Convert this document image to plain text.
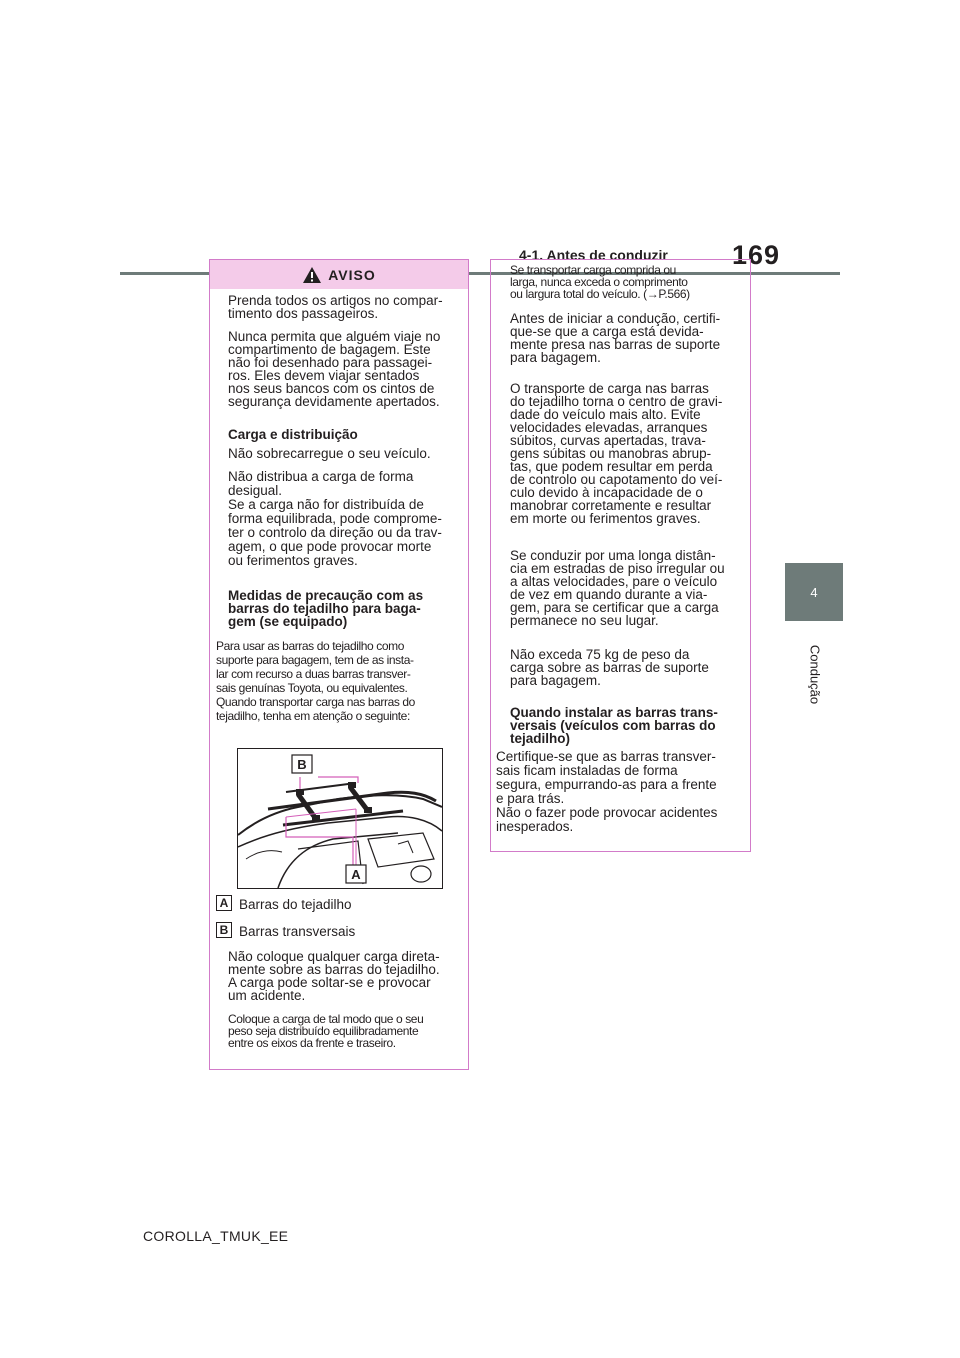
169
4-1. Antes de conduzir
4
Condução
AVISO

Prenda todos os artigos no compar-
timento dos passageiros.

Nunca permita que alguém viaje no
compartimento de bagagem. Este
não foi desenhado para passagei-
ros. Eles devem viajar sentados
nos seus bancos com os cintos de
segurança devidamente apertados.

Carga e distribuição

Não sobrecarregue o seu veículo.

Não distribua a carga de forma
desigual.
Se a carga não for distribuída de
forma equilibrada, pode comprome-
ter o controlo da direção ou da trav-
agem, o que pode provocar morte
ou ferimentos graves.

Medidas de precaução com as
barras do tejadilho para baga-
gem (se equipado)

Para usar as barras do tejadilho como
suporte para bagagem, tem de as insta-
lar com recurso a duas barras transver-
sais genuínas Toyota, ou equivalentes.
Quando transportar carga nas barras do
tejadilho, tenha em atenção o seguinte:

B
A
A Barras do tejadilho

B Barras transversais

Não coloque qualquer carga direta-
mente sobre as barras do tejadilho.
A carga pode soltar-se e provocar
um acidente.

Coloque a carga de tal modo que o seu
peso seja distribuído equilibradamente
entre os eixos da frente e traseiro.

Se transportar carga comprida ou
larga, nunca exceda o comprimento
ou largura total do veículo. (→P.566)

Antes de iniciar a condução, certifi-
que-se que a carga está devida-
mente presa nas barras de suporte
para bagagem.

O transporte de carga nas barras
do tejadilho torna o centro de gravi-
dade do veículo mais alto. Evite
velocidades elevadas, arranques
súbitos, curvas apertadas, trava-
gens súbitas ou manobras abrup-
tas, que podem resultar em perda
de controlo ou capotamento do veí-
culo devido à incapacidade de o
manobrar corretamente e resultar
em morte ou ferimentos graves.

Se conduzir por uma longa distân-
cia em estradas de piso irregular ou
a altas velocidades, pare o veículo
de vez em quando durante a via-
gem, para se certificar que a carga
permanece no seu lugar.

Não exceda 75 kg de peso da
carga sobre as barras de suporte
para bagagem.

Quando instalar as barras trans-
versais (veículos com barras do
tejadilho)

Certifique-se que as barras transver-
sais ficam instaladas de forma
segura, empurrando-as para a frente
e para trás.
Não o fazer pode provocar acidentes
inesperados.

COROLLA_TMUK_EE
